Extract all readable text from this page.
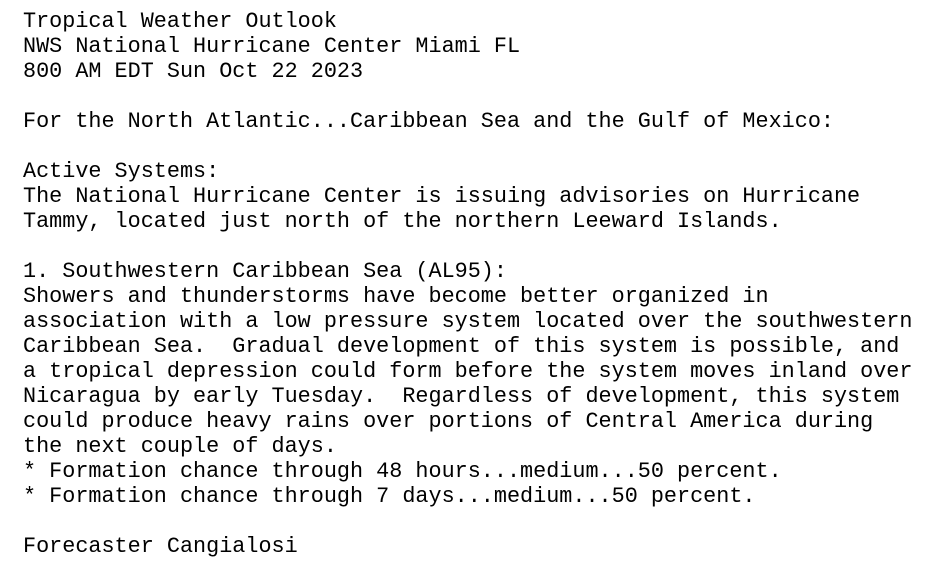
Tropical Weather Outlook
NWS National Hurricane Center Miami FL
800 AM EDT Sun Oct 22 2023
For the North Atlantic...Caribbean Sea and the Gulf of Mexico:
Active Systems:
The National Hurricane Center is issuing advisories on Hurricane
Tammy, located just north of the northern Leeward Islands.
1. Southwestern Caribbean Sea (AL95):
Showers and thunderstorms have become better organized in
association with a low pressure system located over the southwestern
Caribbean Sea.  Gradual development of this system is possible, and
a tropical depression could form before the system moves inland over
Nicaragua by early Tuesday.  Regardless of development, this system
could produce heavy rains over portions of Central America during
the next couple of days.
* Formation chance through 48 hours...medium...50 percent.
* Formation chance through 7 days...medium...50 percent.
Forecaster Cangialosi
